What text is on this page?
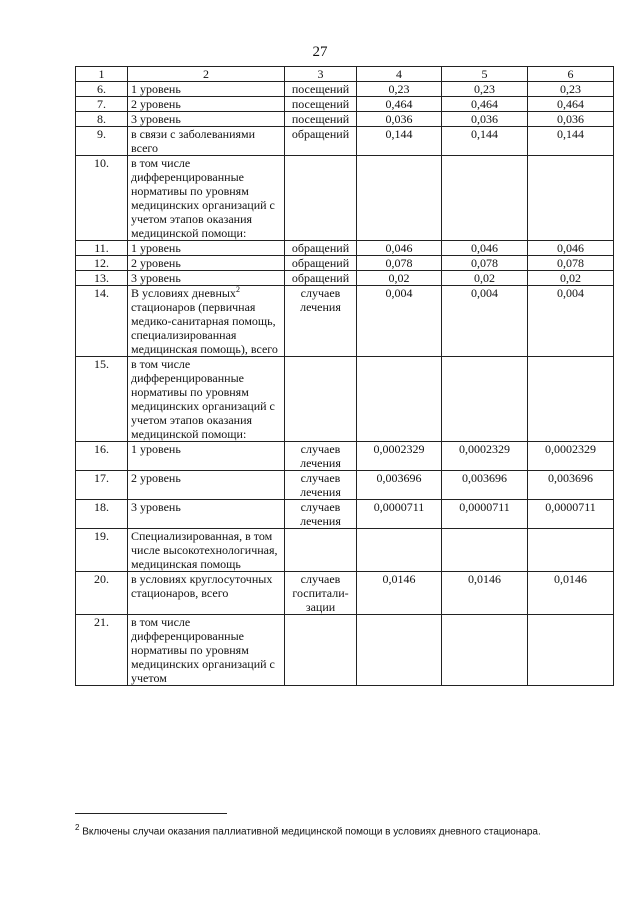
27
1	2	3	4	5	6
6.	1 уровень	посещений	0,23	0,23	0,23
7.	2 уровень	посещений	0,464	0,464	0,464
8.	3 уровень	посещений	0,036	0,036	0,036
9.	в связи с заболеваниями всего	обращений	0,144	0,144	0,144
10.	в том числе дифференцированные нормативы по уровням медицинских организаций с учетом этапов оказания медицинской помощи:				
11.	1 уровень	обращений	0,046	0,046	0,046
12.	2 уровень	обращений	0,078	0,078	0,078
13.	3 уровень	обращений	0,02	0,02	0,02
14.	В условиях дневных$^2$ стационаров (первичная медико-санитарная помощь, специализированная медицинская помощь), всего	случаев лечения	0,004	0,004	0,004
15.	в том числе дифференцированные нормативы по уровням медицинских организаций с учетом этапов оказания медицинской помощи:				
16.	1 уровень	случаев лечения	0,0002329	0,0002329	0,0002329
17.	2 уровень	случаев лечения	0,003696	0,003696	0,003696
18.	3 уровень	случаев лечения	0,0000711	0,0000711	0,0000711
19.	Специализированная, в том числе высокотехнологичная, медицинская помощь				
20.	в условиях круглосуточных стационаров, всего	случаев госпитали-зации	0,0146	0,0146	0,0146
21.	в том числе дифференцированные нормативы по уровням медицинских организаций с учетом				
$^2$ Включены случаи оказания паллиативной медицинской помощи в условиях дневного стационара.
